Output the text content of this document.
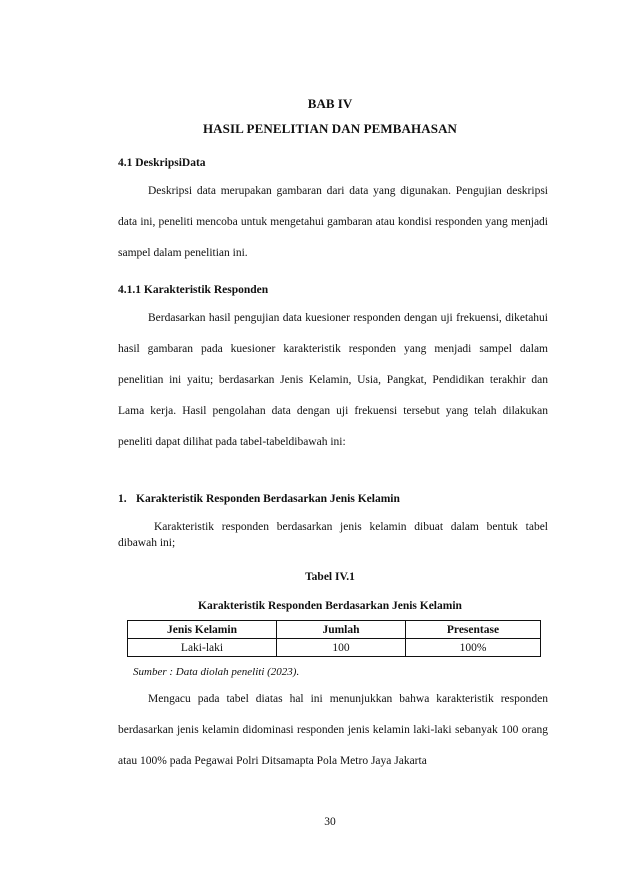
BAB IV
HASIL PENELITIAN DAN PEMBAHASAN
4.1 DeskripsiData
Deskripsi data merupakan gambaran dari data yang digunakan. Pengujian deskripsi data ini, peneliti mencoba untuk mengetahui gambaran atau kondisi responden yang menjadi sampel dalam penelitian ini.
4.1.1 Karakteristik Responden
Berdasarkan hasil pengujian data kuesioner responden dengan uji frekuensi, diketahui hasil gambaran pada kuesioner karakteristik responden yang menjadi sampel dalam penelitian ini yaitu; berdasarkan Jenis Kelamin, Usia, Pangkat, Pendidikan terakhir dan Lama kerja. Hasil pengolahan data dengan uji frekuensi tersebut yang telah dilakukan peneliti dapat dilihat pada tabel-tabeldibawah ini:
1. Karakteristik Responden Berdasarkan Jenis Kelamin
Karakteristik responden berdasarkan jenis kelamin dibuat dalam bentuk tabel dibawah ini;
Tabel IV.1
Karakteristik Responden Berdasarkan Jenis Kelamin
Jenis Kelamin	Jumlah	Presentase
Laki-laki	100	100%
Sumber : Data diolah peneliti (2023).
Mengacu pada tabel diatas hal ini menunjukkan bahwa karakteristik responden berdasarkan jenis kelamin didominasi responden jenis kelamin laki-laki sebanyak 100 orang atau 100% pada Pegawai Polri Ditsamapta Pola Metro Jaya Jakarta
30
